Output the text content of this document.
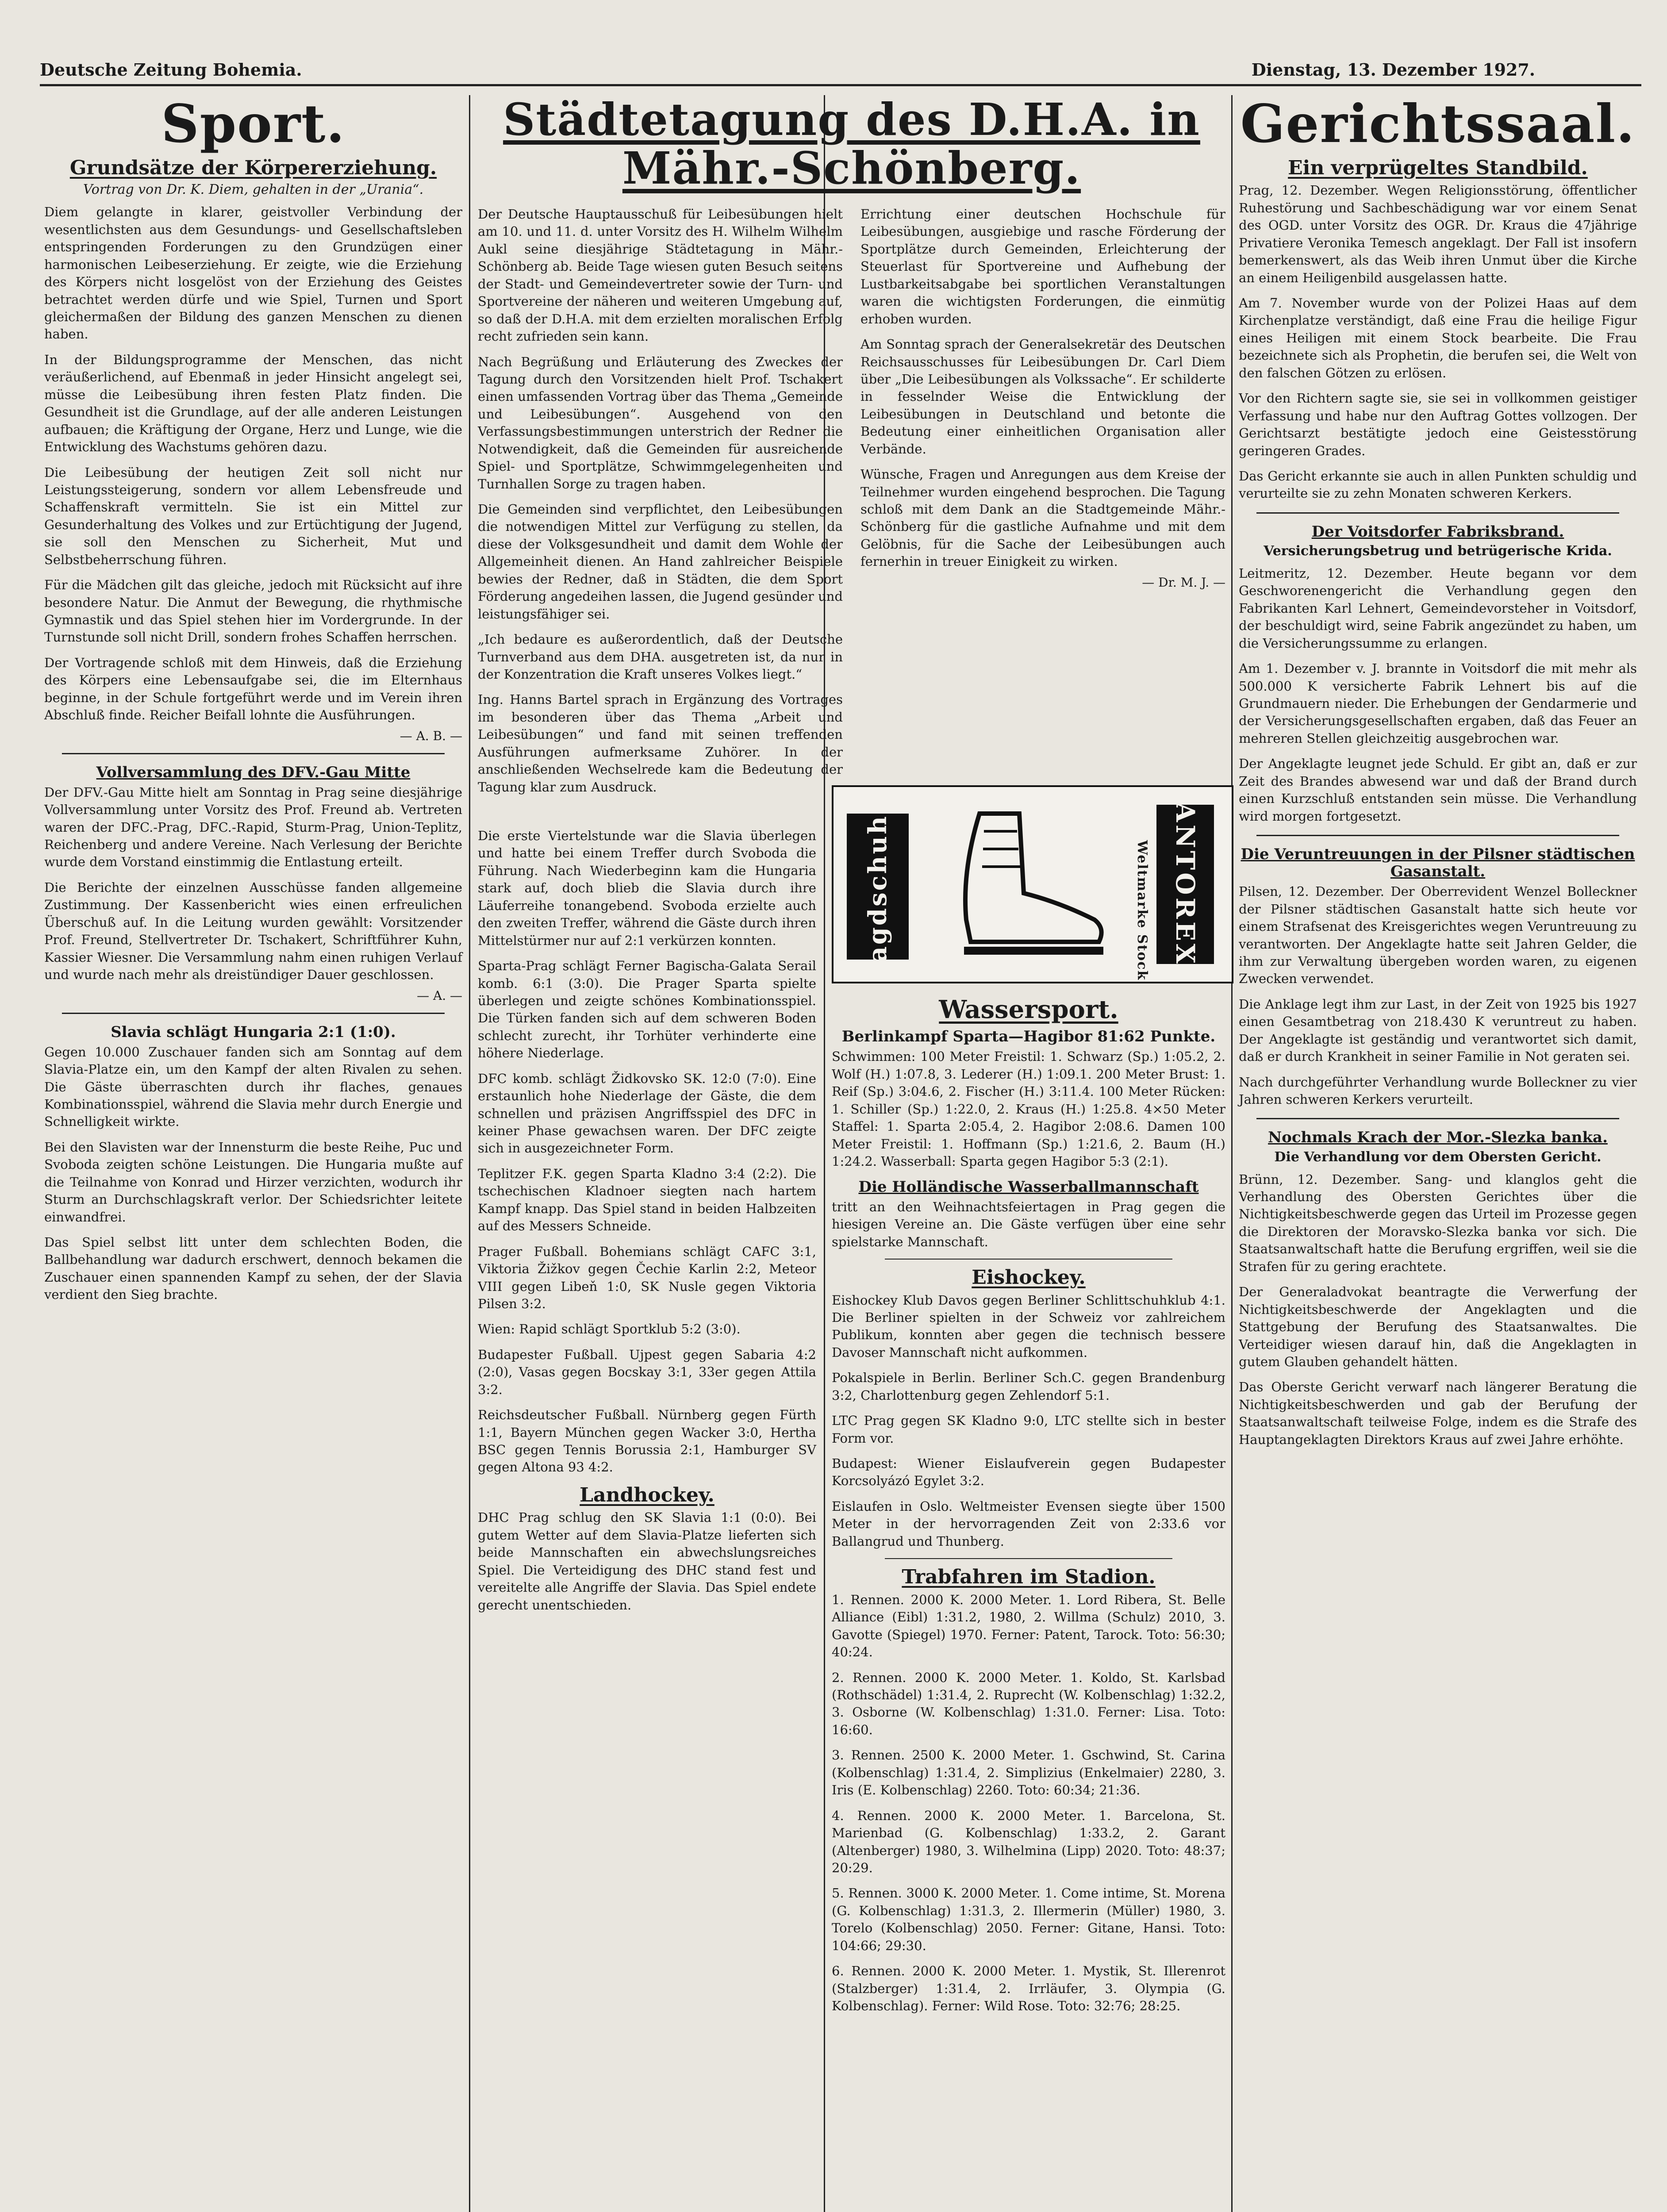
Deutsche Zeitung Bohemia.	Dienstag, 13. Dezember 1927.
Sport.
Grundsätze der Körpererziehung.
Vortrag von Dr. K. Diem, gehalten in der „Urania“.

Diem gelangte in klarer, geistvoller Verbindung der wesentlichsten aus dem Gesundungs- und Gesellschaftsleben entspringenden Forderungen zu den Grundzügen einer harmonischen Leibeserziehung. Er zeigte, wie die Erziehung des Körpers nicht losgelöst von der Erziehung des Geistes betrachtet werden dürfe und wie Spiel, Turnen und Sport gleichermaßen der Bildung des ganzen Menschen zu dienen haben.

In der Bildungsprogramme der Menschen, das nicht veräußerlichend, auf Ebenmaß in jeder Hinsicht angelegt sei, müsse die Leibesübung ihren festen Platz finden. Die Gesundheit ist die Grundlage, auf der alle anderen Leistungen aufbauen; die Kräftigung der Organe, Herz und Lunge, wie die Entwicklung des Wachstums gehören dazu.

Die Leibesübung der heutigen Zeit soll nicht nur Leistungssteigerung, sondern vor allem Lebensfreude und Schaffenskraft vermitteln. Sie ist ein Mittel zur Gesunderhaltung des Volkes und zur Ertüchtigung der Jugend, sie soll den Menschen zu Sicherheit, Mut und Selbstbeherrschung führen.

Für die Mädchen gilt das gleiche, jedoch mit Rücksicht auf ihre besondere Natur. Die Anmut der Bewegung, die rhythmische Gymnastik und das Spiel stehen hier im Vordergrunde. In der Turnstunde soll nicht Drill, sondern frohes Schaffen herrschen.

Der Vortragende schloß mit dem Hinweis, daß die Erziehung des Körpers eine Lebensaufgabe sei, die im Elternhaus beginne, in der Schule fortgeführt werde und im Verein ihren Abschluß finde. Reicher Beifall lohnte die Ausführungen.

— A. B. —
Vollversammlung des DFV.-Gau Mitte

Der DFV.-Gau Mitte hielt am Sonntag in Prag seine diesjährige Vollversammlung unter Vorsitz des Prof. Freund ab. Vertreten waren der DFC.-Prag, DFC.-Rapid, Sturm-Prag, Union-Teplitz, Reichenberg und andere Vereine. Nach Verlesung der Berichte wurde dem Vorstand einstimmig die Entlastung erteilt.

Die Berichte der einzelnen Ausschüsse fanden allgemeine Zustimmung. Der Kassenbericht wies einen erfreulichen Überschuß auf. In die Leitung wurden gewählt: Vorsitzender Prof. Freund, Stellvertreter Dr. Tschakert, Schriftführer Kuhn, Kassier Wiesner. Die Versammlung nahm einen ruhigen Verlauf und wurde nach mehr als dreistündiger Dauer geschlossen.

— A. —
Slavia schlägt Hungaria 2:1 (1:0).

Gegen 10.000 Zuschauer fanden sich am Sonntag auf dem Slavia-Platze ein, um den Kampf der alten Rivalen zu sehen. Die Gäste überraschten durch ihr flaches, genaues Kombinationsspiel, während die Slavia mehr durch Energie und Schnelligkeit wirkte.

Bei den Slavisten war der Innensturm die beste Reihe, Puc und Svoboda zeigten schöne Leistungen. Die Hungaria mußte auf die Teilnahme von Konrad und Hirzer verzichten, wodurch ihr Sturm an Durchschlagskraft verlor. Der Schiedsrichter leitete einwandfrei.

Das Spiel selbst litt unter dem schlechten Boden, die Ballbehandlung war dadurch erschwert, dennoch bekamen die Zuschauer einen spannenden Kampf zu sehen, der der Slavia verdient den Sieg brachte.

Städtetagung des D.H.A. in Mähr.-Schönberg.

Der Deutsche Hauptausschuß für Leibesübungen hielt am 10. und 11. d. unter Vorsitz des H. Wilhelm Wilhelm Aukl seine diesjährige Städtetagung in Mähr.-Schönberg ab. Beide Tage wiesen guten Besuch seitens der Stadt- und Gemeindevertreter sowie der Turn- und Sportvereine der näheren und weiteren Umgebung auf, so daß der D.H.A. mit dem erzielten moralischen Erfolg recht zufrieden sein kann.

Nach Begrüßung und Erläuterung des Zweckes der Tagung durch den Vorsitzenden hielt Prof. Tschakert einen umfassenden Vortrag über das Thema „Gemeinde und Leibesübungen“. Ausgehend von den Verfassungsbestimmungen unterstrich der Redner die Notwendigkeit, daß die Gemeinden für ausreichende Spiel- und Sportplätze, Schwimmgelegenheiten und Turnhallen Sorge zu tragen haben.

Die Gemeinden sind verpflichtet, den Leibesübungen die notwendigen Mittel zur Verfügung zu stellen, da diese der Volksgesundheit und damit dem Wohle der Allgemeinheit dienen. An Hand zahlreicher Beispiele bewies der Redner, daß in Städten, die dem Sport Förderung angedeihen lassen, die Jugend gesünder und leistungsfähiger sei.

„Ich bedaure es außerordentlich, daß der Deutsche Turnverband aus dem DHA. ausgetreten ist, da nur in der Konzentration die Kraft unseres Volkes liegt.“

Ing. Hanns Bartel sprach in Ergänzung des Vortrages im besonderen über das Thema „Arbeit und Leibesübungen“ und fand mit seinen treffenden Ausführungen aufmerksame Zuhörer. In der anschließenden Wechselrede kam die Bedeutung der Tagung klar zum Ausdruck.

Errichtung einer deutschen Hochschule für Leibesübungen, ausgiebige und rasche Förderung der Sportplätze durch Gemeinden, Erleichterung der Steuerlast für Sportvereine und Aufhebung der Lustbarkeitsabgabe bei sportlichen Veranstaltungen waren die wichtigsten Forderungen, die einmütig erhoben wurden.

Am Sonntag sprach der Generalsekretär des Deutschen Reichsausschusses für Leibesübungen Dr. Carl Diem über „Die Leibesübungen als Volkssache“. Er schilderte in fesselnder Weise die Entwicklung der Leibesübungen in Deutschland und betonte die Bedeutung einer einheitlichen Organisation aller Verbände.

Wünsche, Fragen und Anregungen aus dem Kreise der Teilnehmer wurden eingehend besprochen. Die Tagung schloß mit dem Dank an die Stadtgemeinde Mähr.-Schönberg für die gastliche Aufnahme und mit dem Gelöbnis, für die Sache der Leibesübungen auch fernerhin in treuer Einigkeit zu wirken.

— Dr. M. J. —

Die erste Viertelstunde war die Slavia überlegen und hatte bei einem Treffer durch Svoboda die Führung. Nach Wiederbeginn kam die Hungaria stark auf, doch blieb die Slavia durch ihre Läuferreihe tonangebend. Svoboda erzielte auch den zweiten Treffer, während die Gäste durch ihren Mittelstürmer nur auf 2:1 verkürzen konnten.

Sparta-Prag schlägt Ferner Bagischa-Galata Serail komb. 6:1 (3:0). Die Prager Sparta spielte überlegen und zeigte schönes Kombinationsspiel. Die Türken fanden sich auf dem schweren Boden schlecht zurecht, ihr Torhüter verhinderte eine höhere Niederlage.

DFC komb. schlägt Židkovsko SK. 12:0 (7:0). Eine erstaunlich hohe Niederlage der Gäste, die dem schnellen und präzisen Angriffsspiel des DFC in keiner Phase gewachsen waren. Der DFC zeigte sich in ausgezeichneter Form.

Teplitzer F.K. gegen Sparta Kladno 3:4 (2:2). Die tschechischen Kladnoer siegten nach hartem Kampf knapp. Das Spiel stand in beiden Halbzeiten auf des Messers Schneide.

Prager Fußball. Bohemians schlägt CAFC 3:1, Viktoria Žižkov gegen Čechie Karlin 2:2, Meteor VIII gegen Libeň 1:0, SK Nusle gegen Viktoria Pilsen 3:2.

Wien: Rapid schlägt Sportklub 5:2 (3:0).

Budapester Fußball. Ujpest gegen Sabaria 4:2 (2:0), Vasas gegen Bocskay 3:1, 33er gegen Attila 3:2.

Reichsdeutscher Fußball. Nürnberg gegen Fürth 1:1, Bayern München gegen Wacker 3:0, Hertha BSC gegen Tennis Borussia 2:1, Hamburger SV gegen Altona 93 4:2.

Landhockey.

DHC Prag schlug den SK Slavia 1:1 (0:0). Bei gutem Wetter auf dem Slavia-Platze lieferten sich beide Mannschaften ein abwechslungsreiches Spiel. Die Verteidigung des DHC stand fest und vereitelte alle Angriffe der Slavia. Das Spiel endete gerecht unentschieden.

Jagdschuhe	Weltmarke Stock ANTOREX
Wassersport.
Berlinkampf Sparta—Hagibor 81:62 Punkte.

Schwimmen: 100 Meter Freistil: 1. Schwarz (Sp.) 1:05.2, 2. Wolf (H.) 1:07.8, 3. Lederer (H.) 1:09.1. 200 Meter Brust: 1. Reif (Sp.) 3:04.6, 2. Fischer (H.) 3:11.4. 100 Meter Rücken: 1. Schiller (Sp.) 1:22.0, 2. Kraus (H.) 1:25.8. 4×50 Meter Staffel: 1. Sparta 2:05.4, 2. Hagibor 2:08.6. Damen 100 Meter Freistil: 1. Hoffmann (Sp.) 1:21.6, 2. Baum (H.) 1:24.2. Wasserball: Sparta gegen Hagibor 5:3 (2:1).

Die Holländische Wasserballmannschaft

tritt an den Weihnachtsfeiertagen in Prag gegen die hiesigen Vereine an. Die Gäste verfügen über eine sehr spielstarke Mannschaft.

Eishockey.

Eishockey Klub Davos gegen Berliner Schlittschuhklub 4:1. Die Berliner spielten in der Schweiz vor zahlreichem Publikum, konnten aber gegen die technisch bessere Davoser Mannschaft nicht aufkommen.

Pokalspiele in Berlin. Berliner Sch.C. gegen Brandenburg 3:2, Charlottenburg gegen Zehlendorf 5:1.

LTC Prag gegen SK Kladno 9:0, LTC stellte sich in bester Form vor.

Budapest: Wiener Eislaufverein gegen Budapester Korcsolyázó Egylet 3:2.

Eislaufen in Oslo. Weltmeister Evensen siegte über 1500 Meter in der hervorragenden Zeit von 2:33.6 vor Ballangrud und Thunberg.

Trabfahren im Stadion.

1. Rennen. 2000 K. 2000 Meter. 1. Lord Ribera, St. Belle Alliance (Eibl) 1:31.2, 1980, 2. Willma (Schulz) 2010, 3. Gavotte (Spiegel) 1970. Ferner: Patent, Tarock. Toto: 56:30; 40:24.

2. Rennen. 2000 K. 2000 Meter. 1. Koldo, St. Karlsbad (Rothschädel) 1:31.4, 2. Ruprecht (W. Kolbenschlag) 1:32.2, 3. Osborne (W. Kolbenschlag) 1:31.0. Ferner: Lisa. Toto: 16:60.

3. Rennen. 2500 K. 2000 Meter. 1. Gschwind, St. Carina (Kolbenschlag) 1:31.4, 2. Simplizius (Enkelmaier) 2280, 3. Iris (E. Kolbenschlag) 2260. Toto: 60:34; 21:36.

4. Rennen. 2000 K. 2000 Meter. 1. Barcelona, St. Marienbad (G. Kolbenschlag) 1:33.2, 2. Garant (Altenberger) 1980, 3. Wilhelmina (Lipp) 2020. Toto: 48:37; 20:29.

5. Rennen. 3000 K. 2000 Meter. 1. Come intime, St. Morena (G. Kolbenschlag) 1:31.3, 2. Illermerin (Müller) 1980, 3. Torelo (Kolbenschlag) 2050. Ferner: Gitane, Hansi. Toto: 104:66; 29:30.

6. Rennen. 2000 K. 2000 Meter. 1. Mystik, St. Illerenrot (Stalzberger) 1:31.4, 2. Irrläufer, 3. Olympia (G. Kolbenschlag). Ferner: Wild Rose. Toto: 32:76; 28:25.

Gerichtssaal.
Ein verprügeltes Standbild.

Prag, 12. Dezember. Wegen Religionsstörung, öffentlicher Ruhestörung und Sachbeschädigung war vor einem Senat des OGD. unter Vorsitz des OGR. Dr. Kraus die 47jährige Privatiere Veronika Temesch angeklagt. Der Fall ist insofern bemerkenswert, als das Weib ihren Unmut über die Kirche an einem Heiligenbild ausgelassen hatte.

Am 7. November wurde von der Polizei Haas auf dem Kirchenplatze verständigt, daß eine Frau die heilige Figur eines Heiligen mit einem Stock bearbeite. Die Frau bezeichnete sich als Prophetin, die berufen sei, die Welt von den falschen Götzen zu erlösen.

Vor den Richtern sagte sie, sie sei in vollkommen geistiger Verfassung und habe nur den Auftrag Gottes vollzogen. Der Gerichtsarzt bestätigte jedoch eine Geistesstörung geringeren Grades.

Das Gericht erkannte sie auch in allen Punkten schuldig und verurteilte sie zu zehn Monaten schweren Kerkers.

Der Voitsdorfer Fabriksbrand.
Versicherungsbetrug und betrügerische Krida.

Leitmeritz, 12. Dezember. Heute begann vor dem Geschworenengericht die Verhandlung gegen den Fabrikanten Karl Lehnert, Gemeindevorsteher in Voitsdorf, der beschuldigt wird, seine Fabrik angezündet zu haben, um die Versicherungssumme zu erlangen.

Am 1. Dezember v. J. brannte in Voitsdorf die mit mehr als 500.000 K versicherte Fabrik Lehnert bis auf die Grundmauern nieder. Die Erhebungen der Gendarmerie und der Versicherungsgesellschaften ergaben, daß das Feuer an mehreren Stellen gleichzeitig ausgebrochen war.

Der Angeklagte leugnet jede Schuld. Er gibt an, daß er zur Zeit des Brandes abwesend war und daß der Brand durch einen Kurzschluß entstanden sein müsse. Die Verhandlung wird morgen fortgesetzt.

Die Veruntreuungen in der Pilsner städtischen Gasanstalt.

Pilsen, 12. Dezember. Der Oberrevident Wenzel Bolleckner der Pilsner städtischen Gasanstalt hatte sich heute vor einem Strafsenat des Kreisgerichtes wegen Veruntreuung zu verantworten. Der Angeklagte hatte seit Jahren Gelder, die ihm zur Verwaltung übergeben worden waren, zu eigenen Zwecken verwendet.

Die Anklage legt ihm zur Last, in der Zeit von 1925 bis 1927 einen Gesamtbetrag von 218.430 K veruntreut zu haben. Der Angeklagte ist geständig und verantwortet sich damit, daß er durch Krankheit in seiner Familie in Not geraten sei.

Nach durchgeführter Verhandlung wurde Bolleckner zu vier Jahren schweren Kerkers verurteilt.

Nochmals Krach der Mor.-Slezka banka.
Die Verhandlung vor dem Obersten Gericht.

Brünn, 12. Dezember. Sang- und klanglos geht die Verhandlung des Obersten Gerichtes über die Nichtigkeitsbeschwerde gegen das Urteil im Prozesse gegen die Direktoren der Moravsko-Slezka banka vor sich. Die Staatsanwaltschaft hatte die Berufung ergriffen, weil sie die Strafen für zu gering erachtete.

Der Generaladvokat beantragte die Verwerfung der Nichtigkeitsbeschwerde der Angeklagten und die Stattgebung der Berufung des Staatsanwaltes. Die Verteidiger wiesen darauf hin, daß die Angeklagten in gutem Glauben gehandelt hätten.

Das Oberste Gericht verwarf nach längerer Beratung die Nichtigkeitsbeschwerden und gab der Berufung der Staatsanwaltschaft teilweise Folge, indem es die Strafe des Hauptangeklagten Direktors Kraus auf zwei Jahre erhöhte.
